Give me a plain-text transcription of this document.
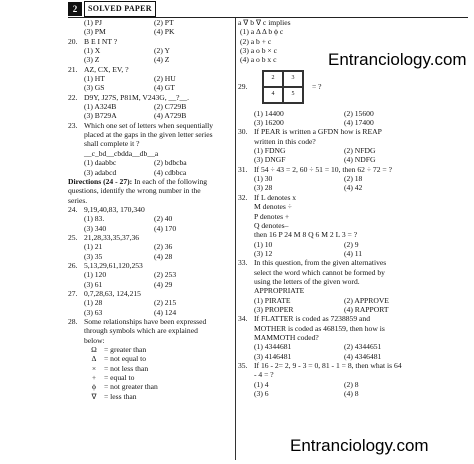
2	SOLVED PAPER
(1) PJ	(2) PT
(3) PM	(4) PK
20. B E I NT ?
(1) X	(2) Y
(3) Z	(4) Z
21. AZ, CX, EV, ?
(1) HT	(2) HU
(3) GS	(4) GT
22. D9Y, J27S, P81M, V243G, __?__.
(1) A324B	(2) C729B
(3) B729A	(4) A729B
23. Which one set of letters when sequentially
placed at the gaps in the given letter series
shall complete it ?
__c_bd__cbdda__db__a
(1) daabbc	(2) bdbcba
(3) adabcd	(4) cdbbca
Directions (24 - 27): In each of the following
questions, identify the wrong number in the
series.
24. 9,19,40,83, 170,340
(1) 83.	(2) 40
(3) 340	(4) 170
25. 21,28,33,35,37,36
(1) 21	(2) 36
(3) 35	(4) 28
26. 5,13,29,61,120,253
(1) 120	(2) 253
(3) 61	(4) 29
27. 0,7,28,63, 124,215
(1) 28	(2) 215
(3) 63	(4) 124
28. Some relationships have been expressed
through symbols which are explained
below:
Ω = greater than
Δ = not equal to
×	= not less than
+	= equal to
ϕ	= not greater than
∇ = less than
a ∇ b ∇ c implies
(1) a Δ Δ b ϕ c
(2) a b + c
(3) a o b × c
(4) a o b x c
29.
2	3
4	5
= ?
(1) 14400	(2) 15600
(3) 16200	(4) 17400
30. If PEAR is written a GFDN how is REAP
written in this code?
(1) FDNG	(2) NFDG
(3) DNGF	(4) NDFG
31. If 54 ÷ 43 = 2, 60 ÷ 51 = 10, then 62 ÷ 72 = ?
(1) 30	(2) 18
(3) 28	(4) 42
32. If L denotes x
M denotes ÷
P denotes +
Q denotes–
then 16 P 24 M 8 Q 6 M 2 L 3 = ?
(1) 10	(2) 9
(3) 12	(4) 11
33. In this question, from the given alternatives
select the word which cannot be formed by
using the letters of the given word.
APPROPRIATE
(1) PIRATE	(2) APPROVE
(3) PROPER	(4) RAPPORT
34. If FLATTER is coded as 7238859 and
MOTHER is coded as 468159, then how is
MAMMOTH coded?
(1) 4344681	(2) 4344651
(3) 4146481	(4) 4346481
35. If 16 - 2= 2, 9 - 3 = 0, 81 - 1 = 8, then what is 64
- 4 = ?
(1) 4	(2) 8
(3) 6	(4) 8
Entranciology.com
Entranciology.com
